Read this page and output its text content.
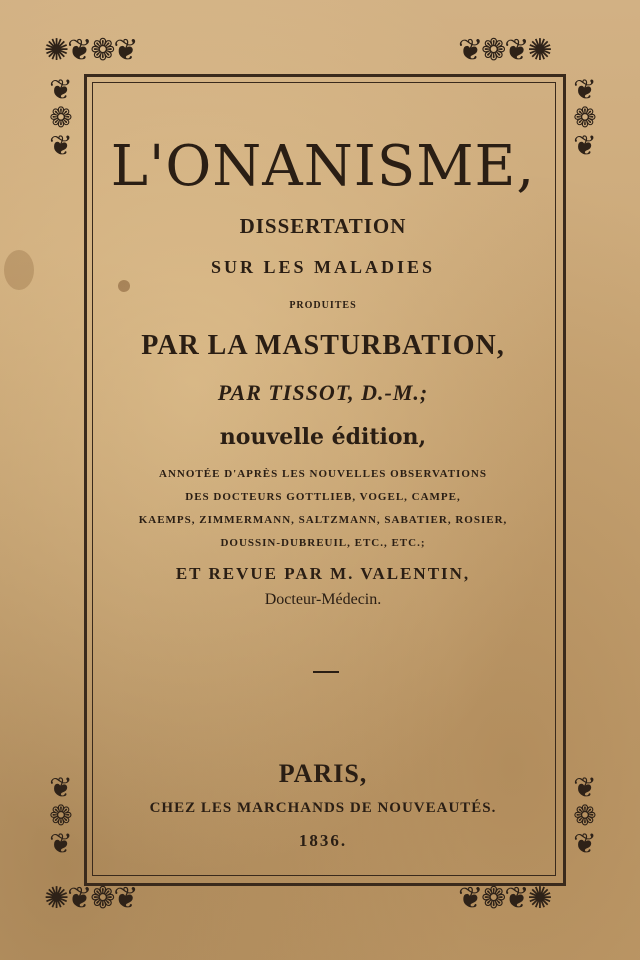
✺❦❁❦
❦
❁
❦
❦❁❦✺
❦
❁
❦
❦
❁
❦
✺❦❁❦
❦
❁
❦
❦❁❦✺
L'ONANISME,
DISSERTATION
SUR LES MALADIES
PRODUITES
PAR LA MASTURBATION,
PAR TISSOT, D.-M.;
nouvelle édition,
ANNOTÉE D'APRÈS LES NOUVELLES OBSERVATIONS
DES DOCTEURS GOTTLIEB, VOGEL, CAMPE,
KAEMPS, ZIMMERMANN, SALTZMANN, SABATIER, ROSIER,
DOUSSIN-DUBREUIL, ETC., ETC.;
ET REVUE PAR M. VALENTIN,
Docteur-Médecin.
PARIS,
CHEZ LES MARCHANDS DE NOUVEAUTÉS.
1836.
